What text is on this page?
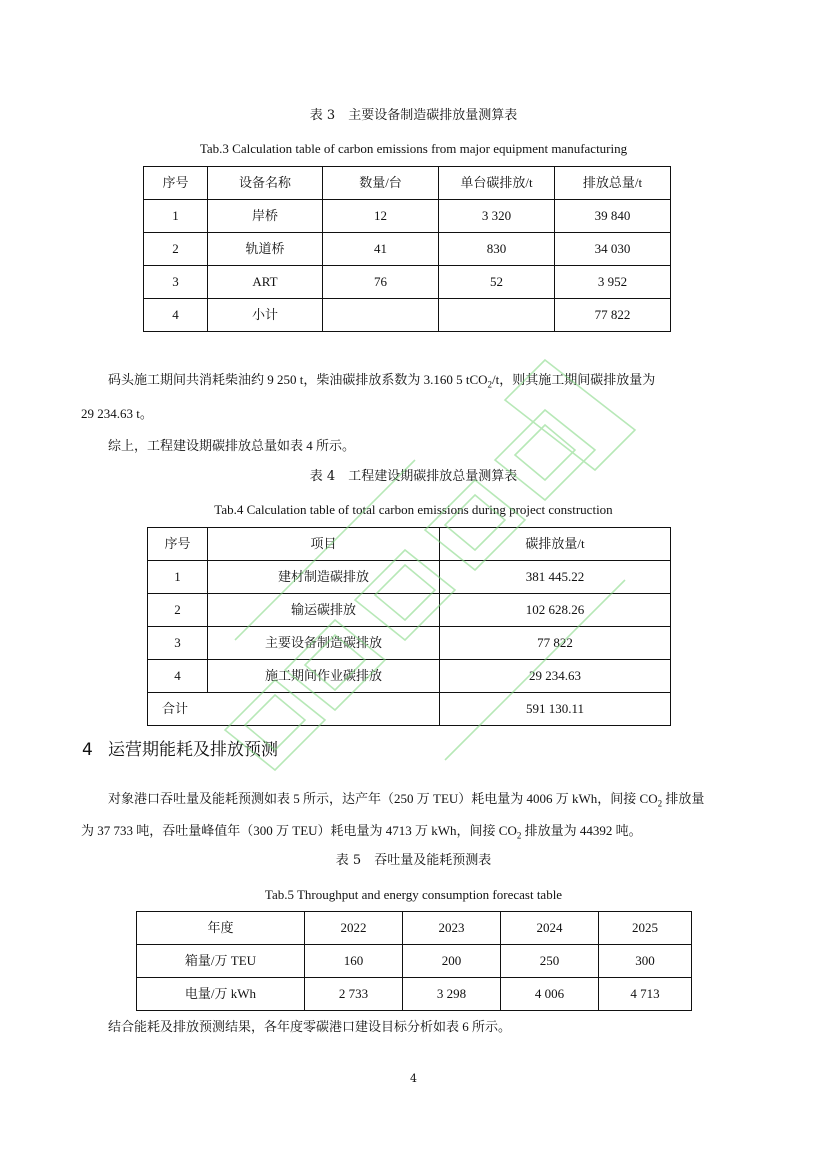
表 3　主要设备制造碳排放量测算表
Tab.3 Calculation table of carbon emissions from major equipment manufacturing
序号	设备名称	数量/台	单台碳排放/t	排放总量/t
1	岸桥	12	3 320	39 840
2	轨道桥	41	830	34 030
3	ART	76	52	3 952
4	小计			77 822
码头施工期间共消耗柴油约 9 250 t，柴油碳排放系数为 3.160 5 tCO$_2$/t，则其施工期间碳排放量为
29 234.63 t。
综上，工程建设期碳排放总量如表 4 所示。
表 4　工程建设期碳排放总量测算表
Tab.4 Calculation table of total carbon emissions during project construction
序号	项目	碳排放量/t
1	建材制造碳排放	381 445.22
2	输运碳排放	102 628.26
3	主要设备制造碳排放	77 822
4	施工期间作业碳排放	29 234.63
合计		591 130.11
4 运营期能耗及排放预测
对象港口吞吐量及能耗预测如表 5 所示，达产年（250 万 TEU）耗电量为 4006 万 kWh，间接 $CO_2$ 排放量
为 37 733 吨，吞吐量峰值年（300 万 TEU）耗电量为 4713 万 kWh，间接 $CO_2$ 排放量为 44392 吨。
表 5　吞吐量及能耗预测表
Tab.5 Throughput and energy consumption forecast table
年度	2022	2023	2024	2025
箱量/万 TEU	160	200	250	300
电量/万 kWh	2 733	3 298	4 006	4 713
结合能耗及排放预测结果，各年度零碳港口建设目标分析如表 6 所示。
4
